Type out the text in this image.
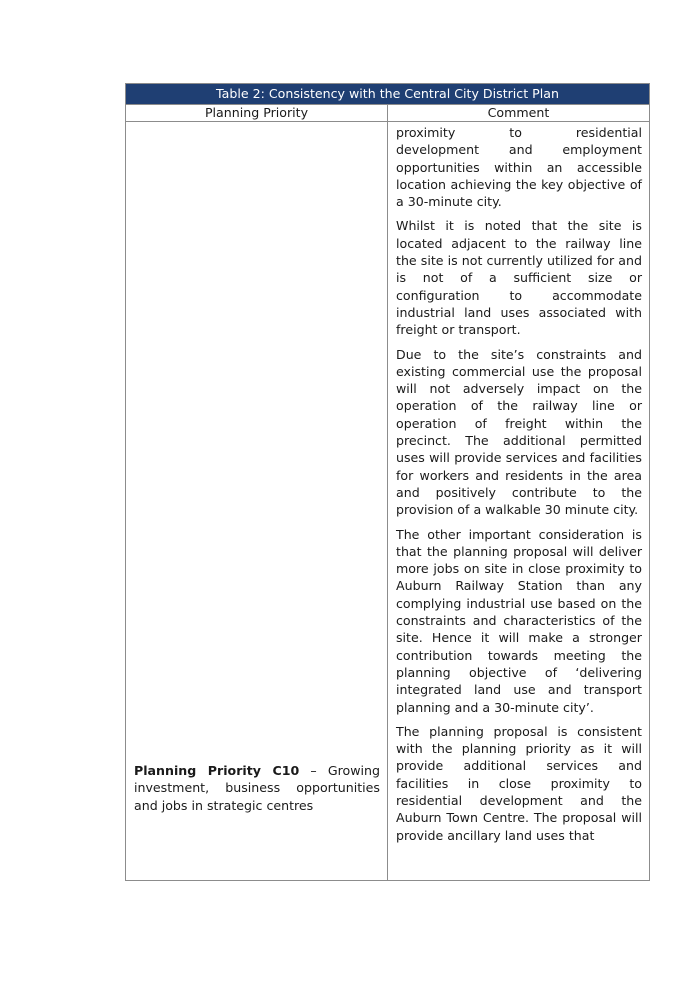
Table 2: Consistency with the Central City District Plan
Planning Priority	Comment
Planning Priority C10 – Growing investment, business opportunities and jobs in strategic centres
proximity to residential
development and employment opportunities within an accessible location achieving the key objective of a 30-minute city.

Whilst it is noted that the site is located adjacent to the railway line the site is not currently utilized for and is not of a sufficient size or configuration to accommodate industrial land uses associated with freight or transport.

Due to the site’s constraints and existing commercial use the proposal will not adversely impact on the operation of the railway line or operation of freight within the precinct. The additional permitted uses will provide services and facilities for workers and residents in the area and positively contribute to the provision of a walkable 30 minute city.

The other important consideration is that the planning proposal will deliver more jobs on site in close proximity to Auburn Railway Station than any complying industrial use based on the constraints and characteristics of the site. Hence it will make a stronger contribution towards meeting the planning objective of ‘delivering integrated land use and transport planning and a 30-minute city’.

The planning proposal is consistent with the planning priority as it will provide additional services and facilities in close proximity to residential development and the Auburn Town Centre. The proposal will provide ancillary land uses that
